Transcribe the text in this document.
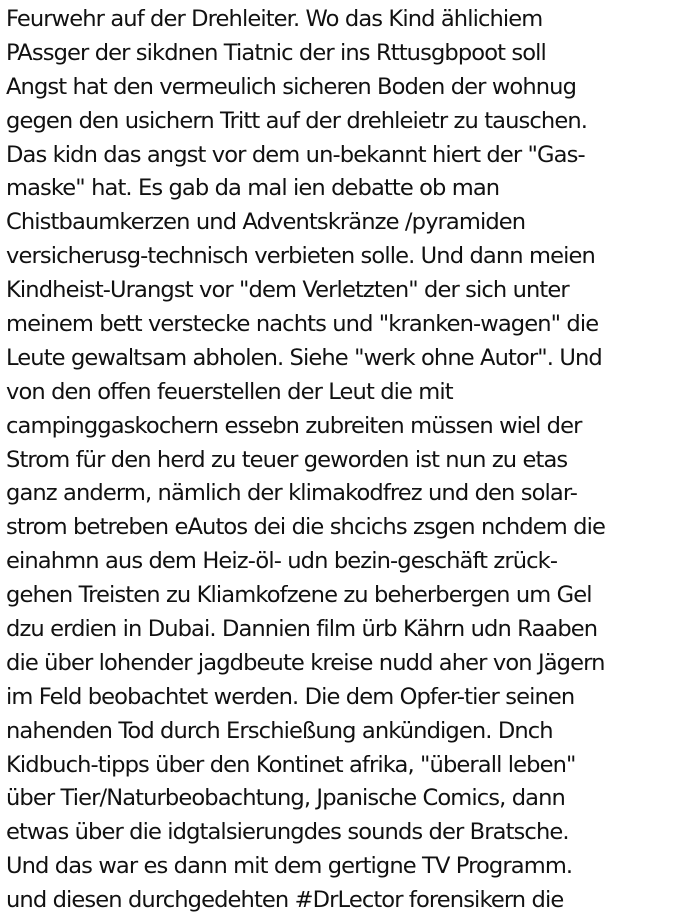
Feurwehr auf der Drehleiter. Wo das Kind ählichiem
PAssger der sikdnen Tiatnic der ins Rttusgbpoot soll
Angst hat den vermeulich sicheren Boden der wohnug
gegen den usichern Tritt auf der drehleietr zu tauschen.
Das kidn das angst vor dem un-bekannt hiert der "Gas-
maske" hat. Es gab da mal ien debatte ob man
Chistbaumkerzen und Adventskränze /pyramiden
versicherusg-technisch verbieten solle. Und dann meien
Kindheist-Urangst vor "dem Verletzten" der sich unter
meinem bett verstecke nachts und "kranken-wagen" die
Leute gewaltsam abholen. Siehe "werk ohne Autor". Und
von den offen feuerstellen der Leut die mit
campinggaskochern essebn zubreiten müssen wiel der
Strom für den herd zu teuer geworden ist nun zu etas
ganz anderm, nämlich der klimakodfrez und den solar-
strom betreben eAutos dei die shcichs zsgen nchdem die
einahmn aus dem Heiz-öl- udn bezin-geschäft zrück-
gehen Treisten zu Kliamkofzene zu beherbergen um Gel
dzu erdien in Dubai. Dannien film ürb Kährn udn Raaben
die über lohender jagdbeute kreise nudd aher von Jägern
im Feld beobachtet werden. Die dem Opfer-tier seinen
nahenden Tod durch Erschießung ankündigen. Dnch
Kidbuch-tipps über den Kontinet afrika, "überall leben"
über Tier/Naturbeobachtung, Jpanische Comics, dann
etwas über die idgtalsierungdes sounds der Bratsche.
Und das war es dann mit dem gertigne TV Programm.
und diesen durchgedehten #DrLector forensikern die
